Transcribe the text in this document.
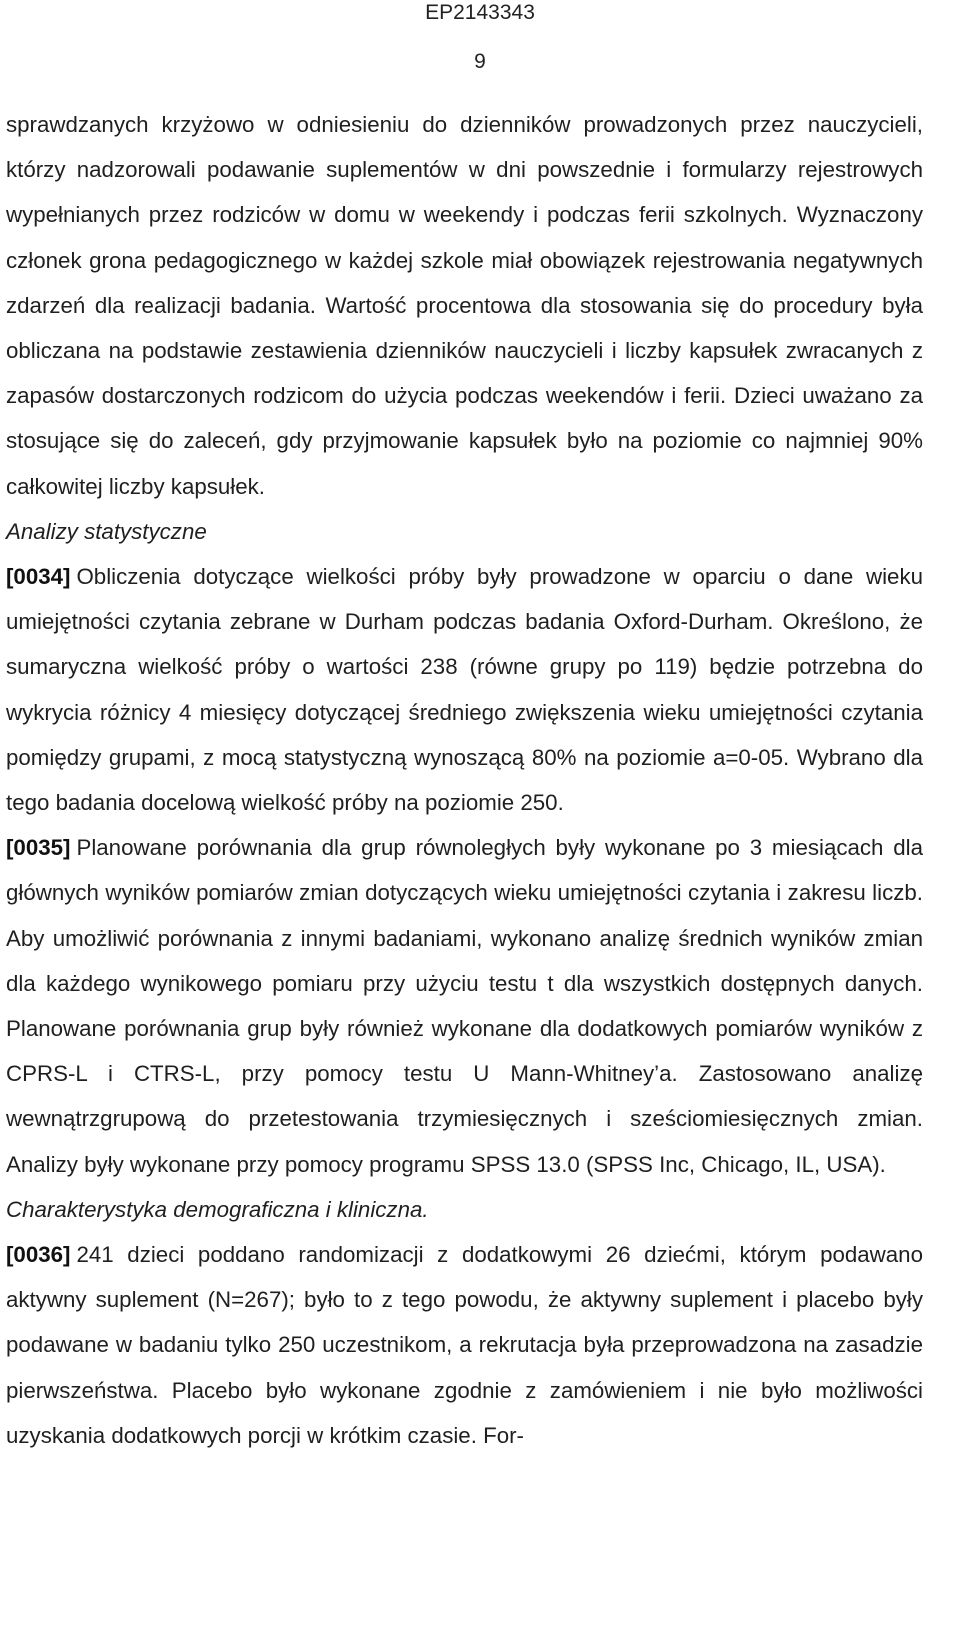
EP2143343
9

sprawdzanych krzyżowo w odniesieniu do dzienników prowadzonych przez nauczycieli, którzy nadzorowali podawanie suplementów w dni powszednie i formularzy rejestrowych wypełnianych przez rodziców w domu w weekendy i podczas ferii szkolnych. Wyznaczony członek grona pedagogicznego w każdej szkole miał obowiązek rejestrowania negatywnych zdarzeń dla realizacji badania. Wartość procentowa dla stosowania się do procedury była obliczana na podstawie zestawienia dzienników nauczycieli i liczby kapsułek zwracanych z zapasów dostarczonych rodzicom do użycia podczas weekendów i ferii. Dzieci uważano za stosujące się do zaleceń, gdy przyjmowanie kapsułek było na poziomie co najmniej 90% całkowitej liczby kapsułek.

Analizy statystyczne

[0034] Obliczenia dotyczące wielkości próby były prowadzone w oparciu o dane wieku umiejętności czytania zebrane w Durham podczas badania Oxford-Durham. Określono, że sumaryczna wielkość próby o wartości 238 (równe grupy po 119) będzie potrzebna do wykrycia różnicy 4 miesięcy dotyczącej średniego zwiększenia wieku umiejętności czytania pomiędzy grupami, z mocą statystyczną wynoszącą 80% na poziomie a=0-05. Wybrano dla tego badania docelową wielkość próby na poziomie 250.

[0035] Planowane porównania dla grup równoległych były wykonane po 3 miesiącach dla głównych wyników pomiarów zmian dotyczących wieku umiejętności czytania i zakresu liczb. Aby umożliwić porównania z innymi badaniami, wykonano analizę średnich wyników zmian dla każdego wynikowego pomiaru przy użyciu testu t dla wszystkich dostępnych danych. Planowane porównania grup były również wykonane dla dodatkowych pomiarów wyników z CPRS-L i CTRS-L, przy pomocy testu U Mann-Whitney’a. Zastosowano analizę wewnątrzgrupową do przetestowania trzymiesięcznych i sześciomiesięcznych zmian. Analizy były wykonane przy pomocy programu SPSS 13.0 (SPSS Inc, Chicago, IL, USA).

Charakterystyka demograficzna i kliniczna.

[0036] 241 dzieci poddano randomizacji z dodatkowymi 26 dziećmi, którym podawano aktywny suplement (N=267); było to z tego powodu, że aktywny suplement i placebo były podawane w badaniu tylko 250 uczestnikom, a rekrutacja była przeprowadzona na zasadzie pierwszeństwa. Placebo było wykonane zgodnie z zamówieniem i nie było możliwości uzyskania dodatkowych porcji w krótkim czasie. For-
